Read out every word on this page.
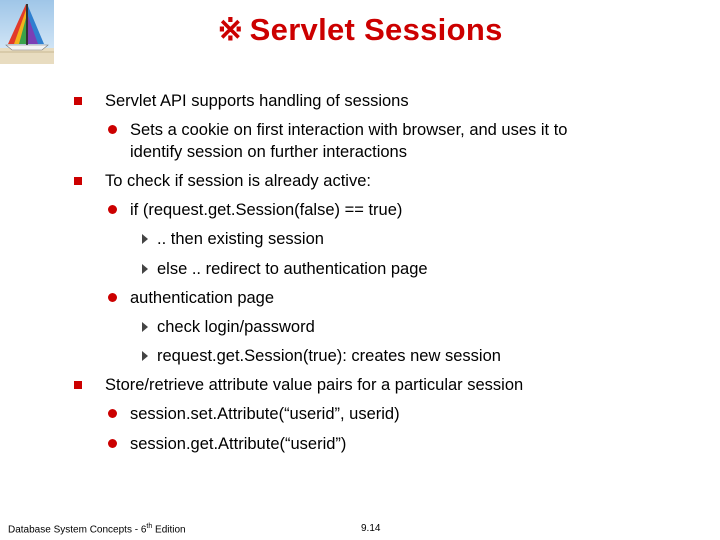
※ Servlet Sessions
Servlet API supports handling of sessions
Sets a cookie on first interaction with browser, and uses it to
identify session on further interactions
To check if session is already active:
if (request.get.Session(false) == true)
.. then existing session
else .. redirect to authentication page
authentication page
check login/password
request.get.Session(true): creates new session
Store/retrieve attribute value pairs for a particular session
session.set.Attribute(“userid”, userid)
session.get.Attribute(“userid”)
Database System Concepts - 6th Edition	9.14
